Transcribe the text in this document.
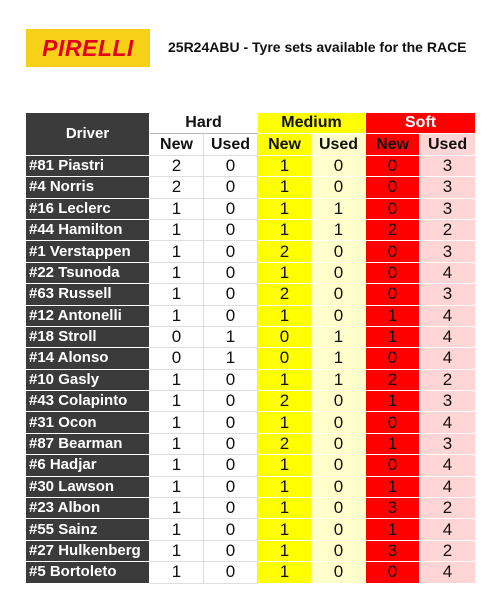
PIRELLI 25R24ABU - Tyre sets available for the RACE
Driver	Hard		Medium		Soft	
	New	Used	New	Used	New	Used
#81 Piastri	2	0	1	0	0	3
#4 Norris	2	0	1	0	0	3
#16 Leclerc	1	0	1	1	0	3
#44 Hamilton	1	0	1	1	2	2
#1 Verstappen	1	0	2	0	0	3
#22 Tsunoda	1	0	1	0	0	4
#63 Russell	1	0	2	0	0	3
#12 Antonelli	1	0	1	0	1	4
#18 Stroll	0	1	0	1	1	4
#14 Alonso	0	1	0	1	0	4
#10 Gasly	1	0	1	1	2	2
#43 Colapinto	1	0	2	0	1	3
#31 Ocon	1	0	1	0	0	4
#87 Bearman	1	0	2	0	1	3
#6 Hadjar	1	0	1	0	0	4
#30 Lawson	1	0	1	0	1	4
#23 Albon	1	0	1	0	3	2
#55 Sainz	1	0	1	0	1	4
#27 Hulkenberg	1	0	1	0	3	2
#5 Bortoleto	1	0	1	0	0	4
